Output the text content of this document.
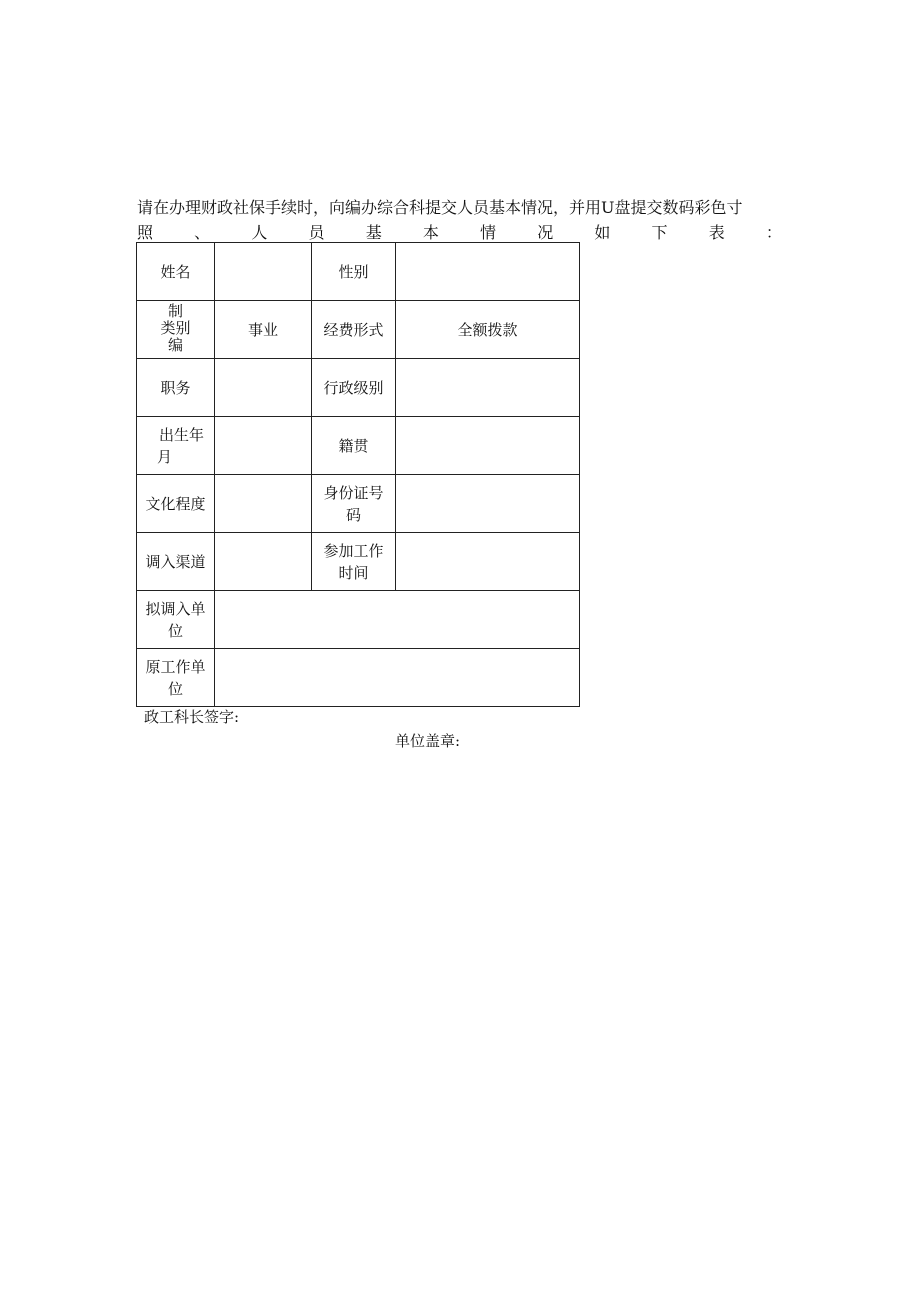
请在办理财政社保手续时，向编办综合科提交人员基本情况，并用U盘提交数码彩色寸
照	、	人	员	基	本	情	况	如	下	表	：
姓名		性别	

制
类别
编	事业	经费形式	全额拨款
职务		行政级别	

出生年
月		籍贯	
文化程度		身份证号
码	

调入渠道		参加工作
时间	

拟调入单
位			

原工作单
位			

政工科长签字:
单位盖章:
